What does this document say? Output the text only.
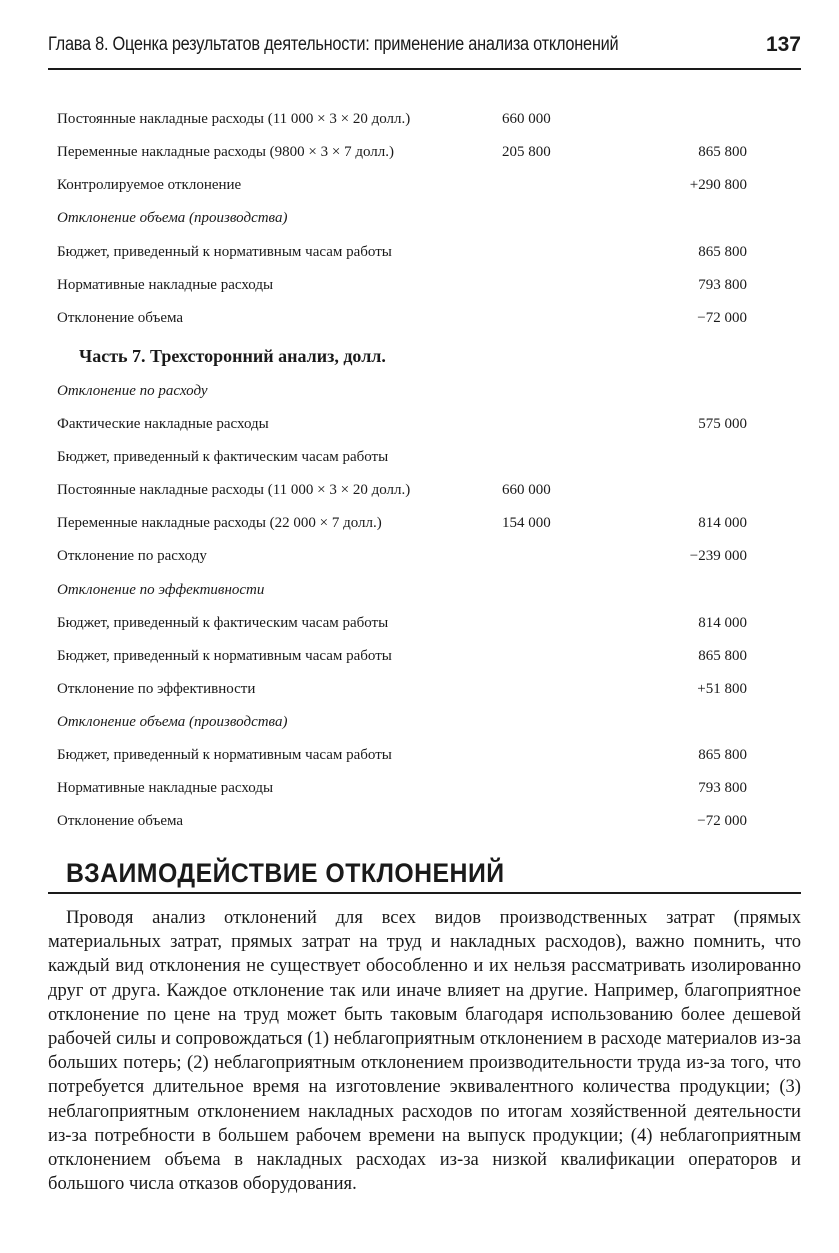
Глава 8. Оценка результатов деятельности: применение анализа отклонений	137
Постоянные накладные расходы (11 000 × 3 × 20 долл.)	660 000
Переменные накладные расходы (9800 × 3 × 7 долл.)	205 800	865 800
Контролируемое отклонение	+290 800
Отклонение объема (производства)
Бюджет, приведенный к нормативным часам работы	865 800
Нормативные накладные расходы	793 800
Отклонение объема	−72 000
Часть 7. Трехсторонний анализ, долл.
Отклонение по расходу
Фактические накладные расходы	575 000
Бюджет, приведенный к фактическим часам работы
Постоянные накладные расходы (11 000 × 3 × 20 долл.)	660 000
Переменные накладные расходы (22 000 × 7 долл.)	154 000	814 000
Отклонение по расходу	−239 000
Отклонение по эффективности
Бюджет, приведенный к фактическим часам работы	814 000
Бюджет, приведенный к нормативным часам работы	865 800
Отклонение по эффективности	+51 800
Отклонение объема (производства)
Бюджет, приведенный к нормативным часам работы	865 800
Нормативные накладные расходы	793 800
Отклонение объема	−72 000
ВЗАИМОДЕЙСТВИЕ ОТКЛОНЕНИЙ
Проводя анализ отклонений для всех видов производственных затрат (прямых материальных затрат, прямых затрат на труд и накладных расходов), важно помнить, что каждый вид отклонения не существует обособленно и их нельзя рассматривать изолированно друг от друга. Каждое отклонение так или иначе влияет на другие. Например, благоприятное отклонение по цене на труд может быть таковым благодаря использованию более дешевой рабочей силы и сопровождаться (1) неблагоприятным отклонением в расходе материалов из-за больших потерь; (2) неблагоприятным отклонением производительности труда из-за того, что потребуется длительное время на изготовление эквивалентного количества продукции; (3) неблагоприятным отклонением накладных расходов по итогам хозяйственной деятельности из-за потребности в большем рабочем времени на выпуск продукции; (4) неблагоприятным отклонением объема в накладных расходах из-за низкой квалификации операторов и большого числа отказов оборудования.
